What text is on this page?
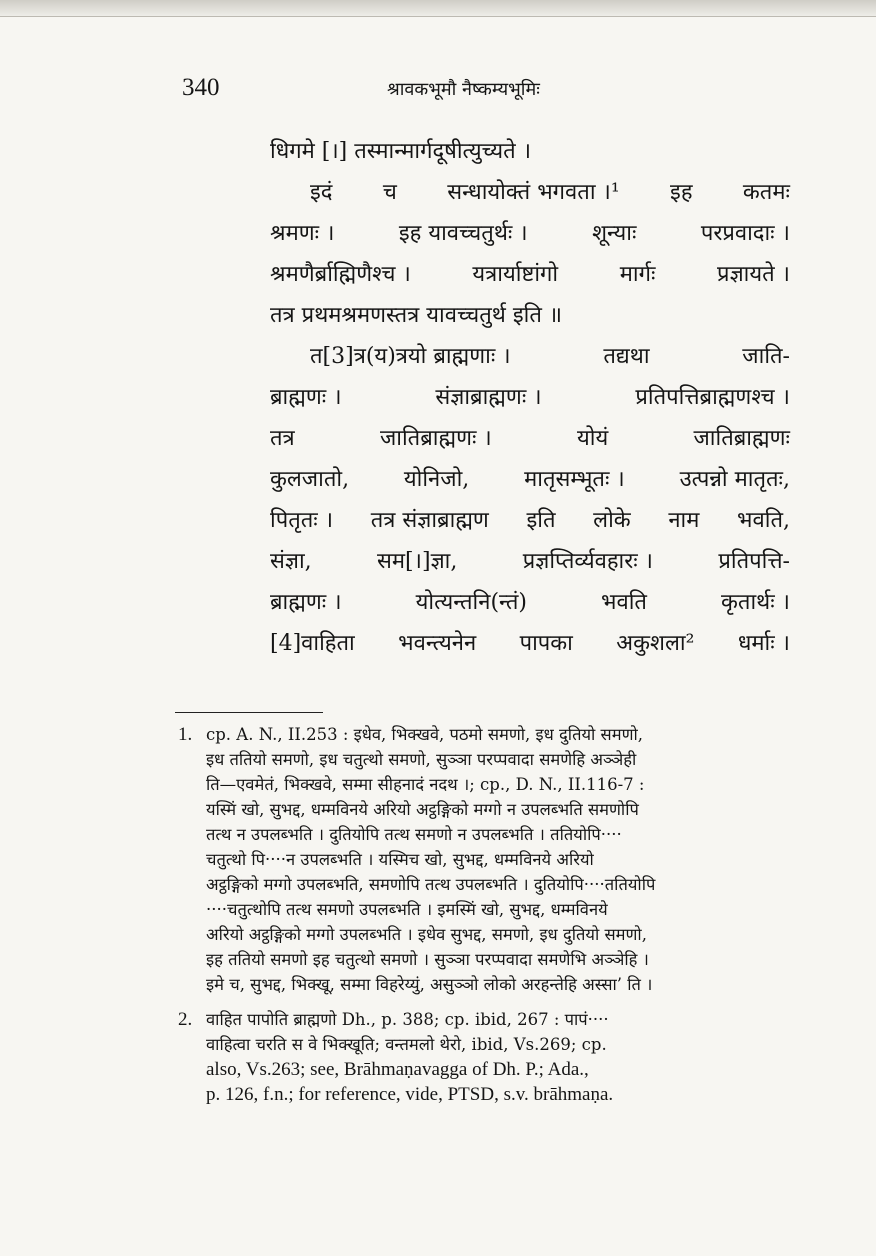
340	श्रावकभूमौ नैष्कम्यभूमिः
धिगमे [।] तस्मान्मार्गदूषीत्युच्यते ।
इदं च सन्धायोक्तं भगवता ।¹ इह कतमः
श्रमणः ।	इह यावच्चतुर्थः ।	शून्याः	परप्रवादाः ।
श्रमणैर्ब्राह्मिणैश्च ।	यत्रार्याष्टांगो	मार्गः	प्रज्ञायते ।
तत्र प्रथमश्रमणस्तत्र यावच्चतुर्थ इति ॥
त[3]त्र(य)त्रयो ब्राह्मणाः ।	तद्यथा	जाति-
ब्राह्मणः ।	संज्ञाब्राह्मणः ।	प्रतिपत्तिब्राह्मणश्च ।
तत्र	जातिब्राह्मणः ।	योयं	जातिब्राह्मणः
कुलजातो, योनिजो, मातृसम्भूतः । उत्पन्नो मातृतः,
पितृतः । तत्र संज्ञाब्राह्मण इति लोके नाम भवति,
संज्ञा,	सम[।]ज्ञा,	प्रज्ञप्तिर्व्यवहारः ।	प्रतिपत्ति-
ब्राह्मणः ।	योत्यन्तनि(न्तं)	भवति	कृतार्थः ।
[4]वाहिता भवन्त्यनेन पापका अकुशला² धर्माः ।
1. cp. A. N., II.253 : इधेव, भिक्खवे, पठमो समणो, इध दुतियो समणो,
इध ततियो समणो, इध चतुत्थो समणो, सुञ्ञा परप्पवादा समणेहि अञ्ञेही
ति—एवमेतं, भिक्खवे, सम्मा सीहनादं नदथ ।; cp., D. N., II.116-7 :
यस्मिं खो, सुभद्द, धम्मविनये अरियो अट्ठङ्गिको मग्गो न उपलब्भति समणोपि
तत्थ न उपलब्भति । दुतियोपि तत्थ समणो न उपलब्भति । ततियोपि····
चतुत्थो पि····न उपलब्भति । यस्मिच खो, सुभद्द, धम्मविनये अरियो
अट्ठङ्गिको मग्गो उपलब्भति, समणोपि तत्थ उपलब्भति । दुतियोपि····ततियोपि
····चतुत्थोपि तत्थ समणो उपलब्भति । इमस्मिं खो, सुभद्द, धम्मविनये
अरियो अट्ठङ्गिको मग्गो उपलब्भति । इधेव सुभद्द, समणो, इध दुतियो समणो,
इह ततियो समणो इह चतुत्थो समणो । सुञ्ञा परप्पवादा समणेभि अञ्ञेहि ।
इमे च, सुभद्द, भिक्खू, सम्मा विहरेय्युं, असुञ्ञो लोको अरहन्तेहि अस्सा’ ति ।
2. वाहित पापोति ब्राह्मणो Dh., p. 388; cp. ibid, 267 : पापं····
वाहित्वा चरति स वे भिक्खूति; वन्तमलो थेरो, ibid, Vs.269; cp.
also, Vs.263; see, Brāhmaṇavagga of Dh. P.; Ada.,
p. 126, f.n.; for reference, vide, PTSD, s.v. brāhmaṇa.
